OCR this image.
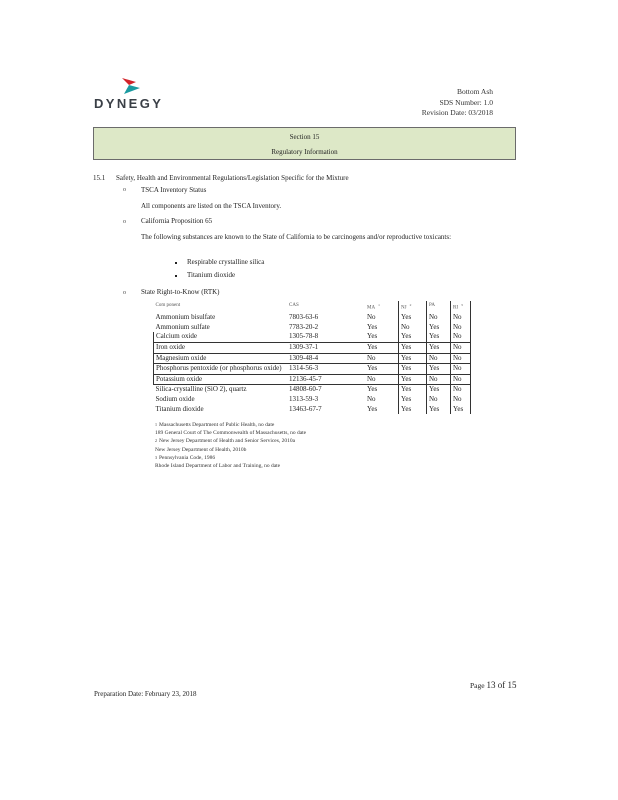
DYNEGY
Bottom Ash
SDS Number: 1.0
Revision Date: 03/2018
Section 15
Regulatory Information
15.1 Safety, Health and Environmental Regulations/Legislation Specific for the Mixture
o TSCA Inventory Status
All components are listed on the TSCA Inventory.
o California Proposition 65
The following substances are known to the State of California to be carcinogens and/or reproductive toxicants:
Respirable crystalline silica
Titanium dioxide
o State Right-to-Know (RTK)
Com ponent	CAS	$MA^1$	$NJ^2$	PA	$RI^3$
Ammonium bisulfate	7803-63-6	No	Yes	No	No
Ammonium sulfate	7783-20-2	Yes	No	Yes	No
Calcium oxide	1305-78-8	Yes	Yes	Yes	No
Iron oxide	1309-37-1	Yes	Yes	Yes	No
Magnesium oxide	1309-48-4	No	Yes	No	No
Phosphorus pentoxide (or phosphorus oxide)	1314-56-3	Yes	Yes	Yes	No
Potassium oxide	12136-45-7	No	Yes	No	No
Silica-crystalline (SiO 2), quartz	14808-60-7	Yes	Yes	Yes	No
Sodium oxide	1313-59-3	No	Yes	No	No
Titanium dioxide	13463-67-7	Yes	Yes	Yes	Yes
$^1$ Massachusetts Department of Public Health, no date
189 General Court of The Commonwealth of Massachusetts, no date
$^2$ New Jersey Department of Health and Senior Services, 2010a
New Jersey Department of Health, 2010b
$^3$ Pennsylvania Code, 1986
Rhode Island Department of Labor and Training, no date
Page 13 of 15
Preparation Date: February 23, 2018
